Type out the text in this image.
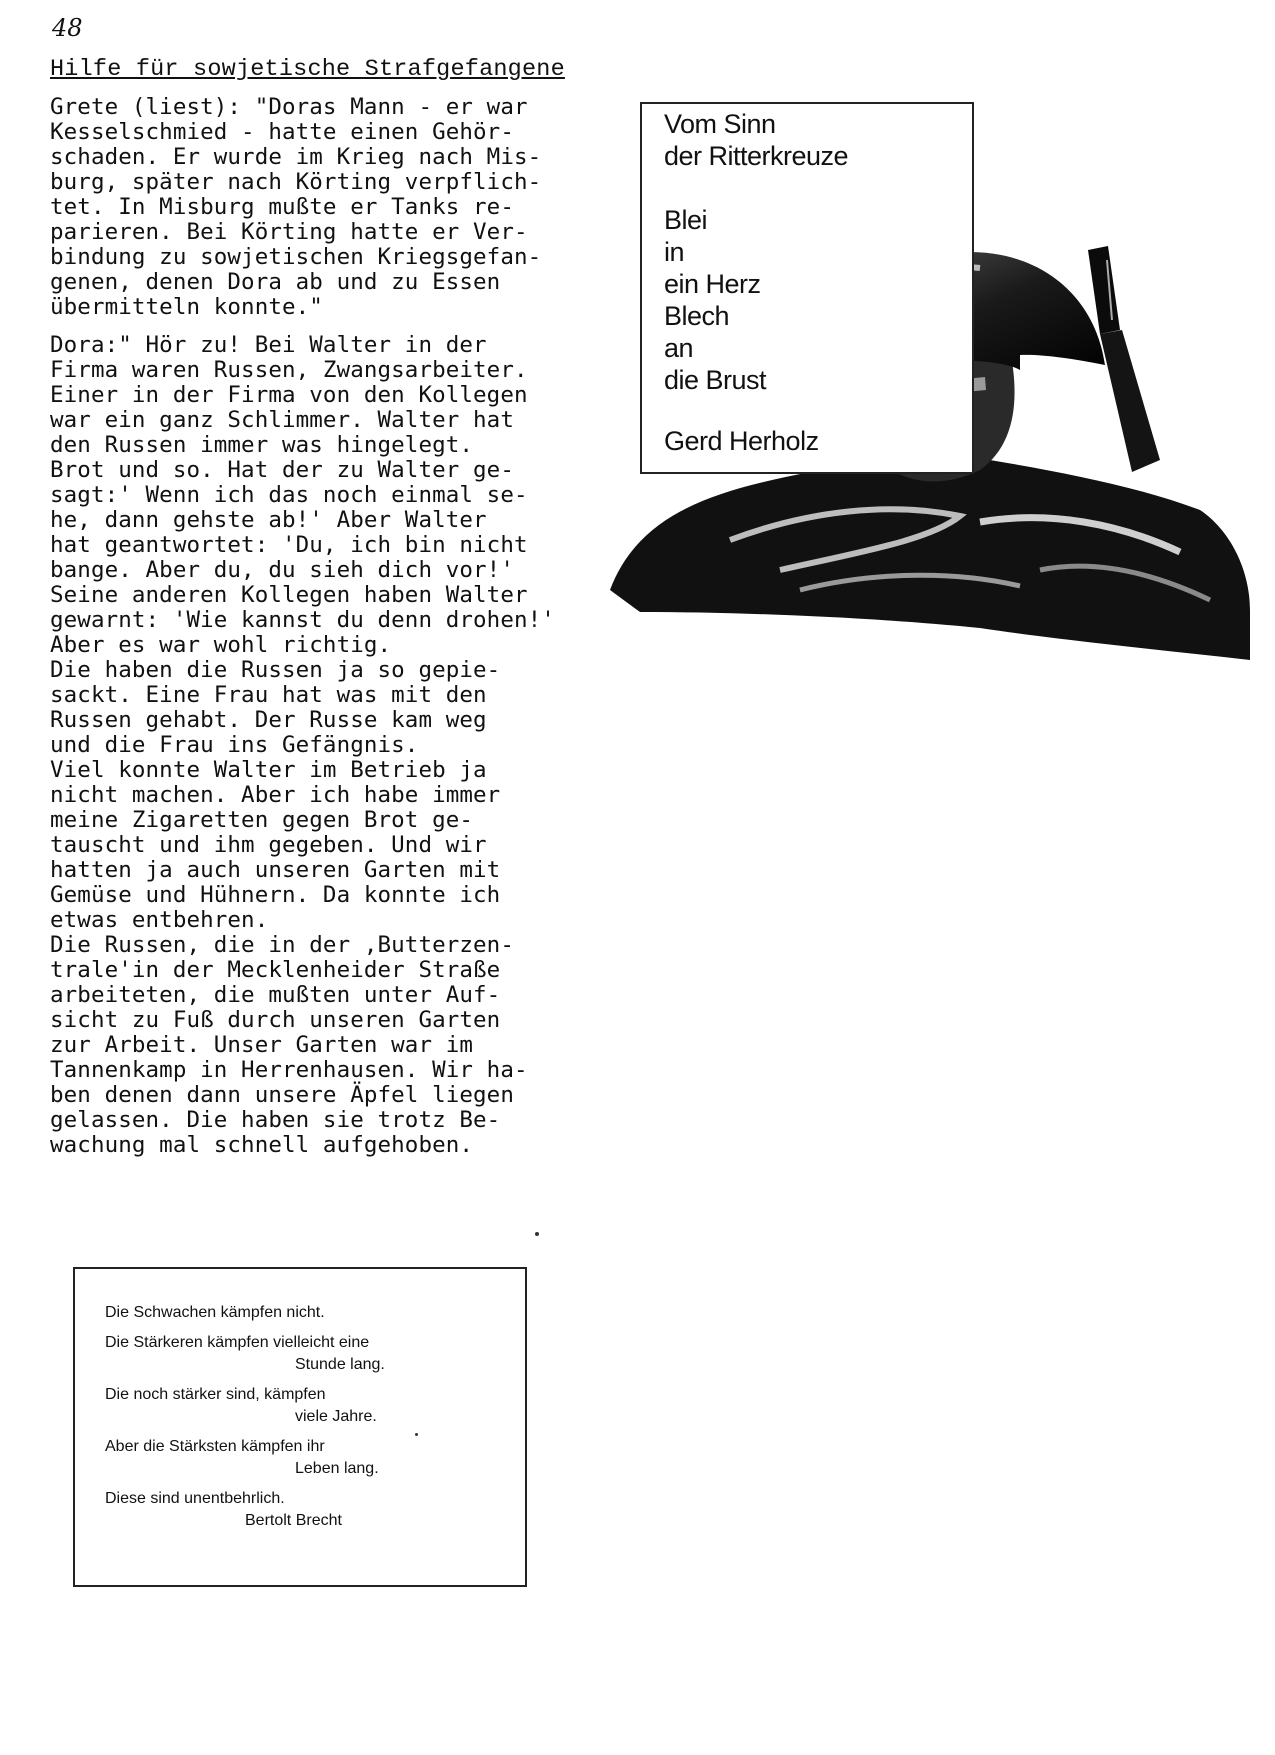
48
Hilfe für sowjetische Strafgefangene
Grete (liest): "Doras Mann - er war
Kesselschmied - hatte einen Gehör-
schaden. Er wurde im Krieg nach Mis-
burg, später nach Körting verpflich-
tet. In Misburg mußte er Tanks re-
parieren. Bei Körting hatte er Ver-
bindung zu sowjetischen Kriegsgefan-
genen, denen Dora ab und zu Essen
übermitteln konnte."
Dora:" Hör zu! Bei Walter in der
Firma waren Russen, Zwangsarbeiter.
Einer in der Firma von den Kollegen
war ein ganz Schlimmer. Walter hat
den Russen immer was hingelegt.
Brot und so. Hat der zu Walter ge-
sagt:' Wenn ich das noch einmal se-
he, dann gehste ab!' Aber Walter
hat geantwortet: 'Du, ich bin nicht
bange. Aber du, du sieh dich vor!'
Seine anderen Kollegen haben Walter
gewarnt: 'Wie kannst du denn drohen!'
Aber es war wohl richtig.
Die haben die Russen ja so gepie-
sackt. Eine Frau hat was mit den
Russen gehabt. Der Russe kam weg
und die Frau ins Gefängnis.
Viel konnte Walter im Betrieb ja
nicht machen. Aber ich habe immer
meine Zigaretten gegen Brot ge-
tauscht und ihm gegeben. Und wir
hatten ja auch unseren Garten mit
Gemüse und Hühnern. Da konnte ich
etwas entbehren.
Die Russen, die in der ,Butterzen-
trale'in der Mecklenheider Straße
arbeiteten, die mußten unter Auf-
sicht zu Fuß durch unseren Garten
zur Arbeit. Unser Garten war im
Tannenkamp in Herrenhausen. Wir ha-
ben denen dann unsere Äpfel liegen
gelassen. Die haben sie trotz Be-
wachung mal schnell aufgehoben.
Vom Sinn
der Ritterkreuze

Blei
in
ein Herz
Blech
an
die Brust
Gerd Herholz
Die Schwachen kämpfen nicht.
Die Stärkeren kämpfen vielleicht eine
Stunde lang.
Die noch stärker sind, kämpfen
viele Jahre.
Aber die Stärksten kämpfen ihr
Leben lang.
Diese sind unentbehrlich.
Bertolt Brecht
